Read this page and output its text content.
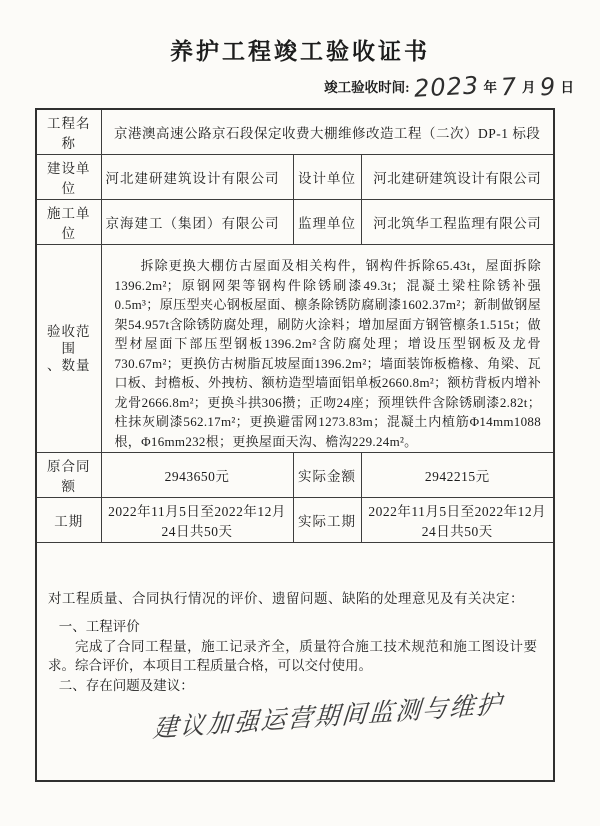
养护工程竣工验收证书
竣工验收时间: 2023 年 7 月 9 日
工程名称	京港澳高速公路京石段保定收费大棚维修改造工程（二次）DP-1 标段		
建设单位	河北建研建筑设计有限公司	设计单位	河北建研建筑设计有限公司
施工单位	京海建工（集团）有限公司	监理单位	河北筑华工程监理有限公司

验收范围
、数量	拆除更换大棚仿古屋面及相关构件，钢构件拆除65.43t，屋面拆除1396.2m²；原钢网架等钢构件除锈刷漆49.3t；混凝土梁柱除锈补强0.5m³；原压型夹心钢板屋面、檩条除锈防腐刷漆1602.37m²；新制做钢屋架54.957t含除锈防腐处理，刷防火涂料；增加屋面方钢管檩条1.515t；做型材屋面下部压型钢板1396.2m²含防腐处理；增设压型钢板及龙骨730.67m²；更换仿古树脂瓦坡屋面1396.2m²；墙面装饰板檐椽、角梁、瓦口板、封檐板、外拽枋、额枋造型墙面铝单板2660.8m²；额枋背板内增补龙骨2666.8m²；更换斗拱306攒；正吻24座；预埋铁件含除锈刷漆2.82t；柱抹灰刷漆562.17m²；更换避雷网1273.83m；混凝土内植筋Φ14mm1088根，Φ16mm232根；更换屋面天沟、檐沟229.24m²。		

原合同额	2943650元	实际金额	2942215元
工期	2022年11月5日至2022年12月24日共50天	实际工期	2022年11月5日至2022年12月24日共50天

对工程质量、合同执行情况的评价、遗留问题、缺陷的处理意见及有关决定：

一、工程评价

完成了合同工程量，施工记录齐全，质量符合施工技术规范和施工图设计要求。综合评价，本项目工程质量合格，可以交付使用。

二、存在问题及建议：

建议加强运营期间监测与维护			
